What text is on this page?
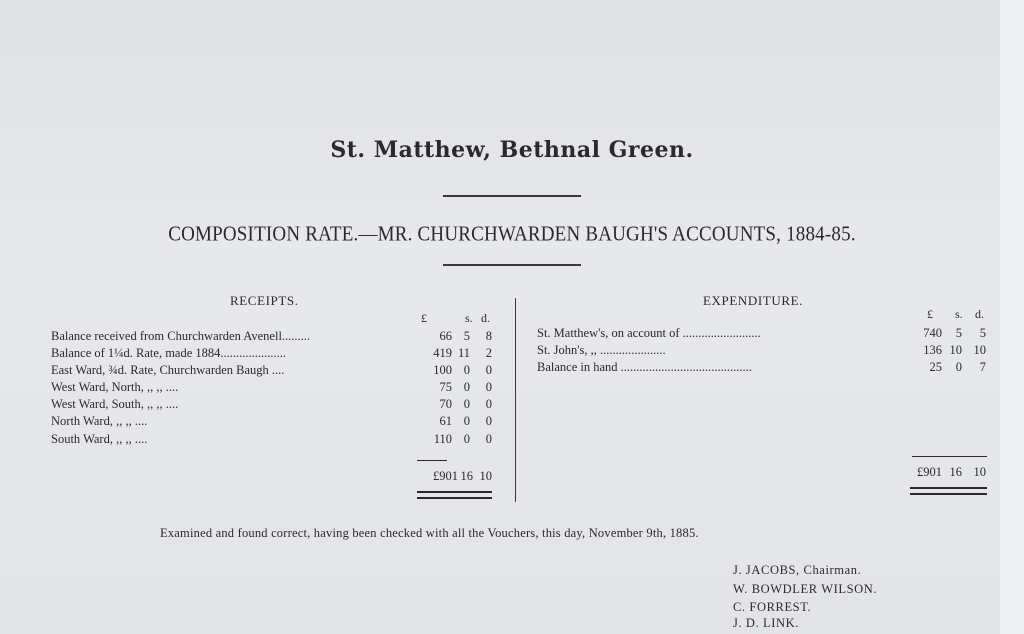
St. Matthew, Bethnal Green.
COMPOSITION RATE.—MR. CHURCHWARDEN BAUGH'S ACCOUNTS, 1884-85.
RECEIPTS.
£	s. d.
Balance received from Churchwarden Avenell.........	66 5	8
Balance of 1¼d. Rate, made 1884.....................	419 11	2
East Ward, ¾d. Rate, Churchwarden Baugh ....	100 0	0
West Ward, North, ,, ,, ....	75 0	0
West Ward, South, ,, ,, ....	70 0	0
North Ward, ,, ,, ....	61 0	0
South Ward, ,, ,, ....	110 0	0
£901 16 10
EXPENDITURE.
£ s. d.
St. Matthew's, on account of .........................	740	5	5
St. John's, ,, .....................	136 10 10
Balance in hand ..........................................	25	0	7
£901 16 10
Examined and found correct, having been checked with all the Vouchers, this day, November 9th, 1885.
J. JACOBS, Chairman.
W. BOWDLER WILSON.
C. FORREST.
J. D. LINK.
